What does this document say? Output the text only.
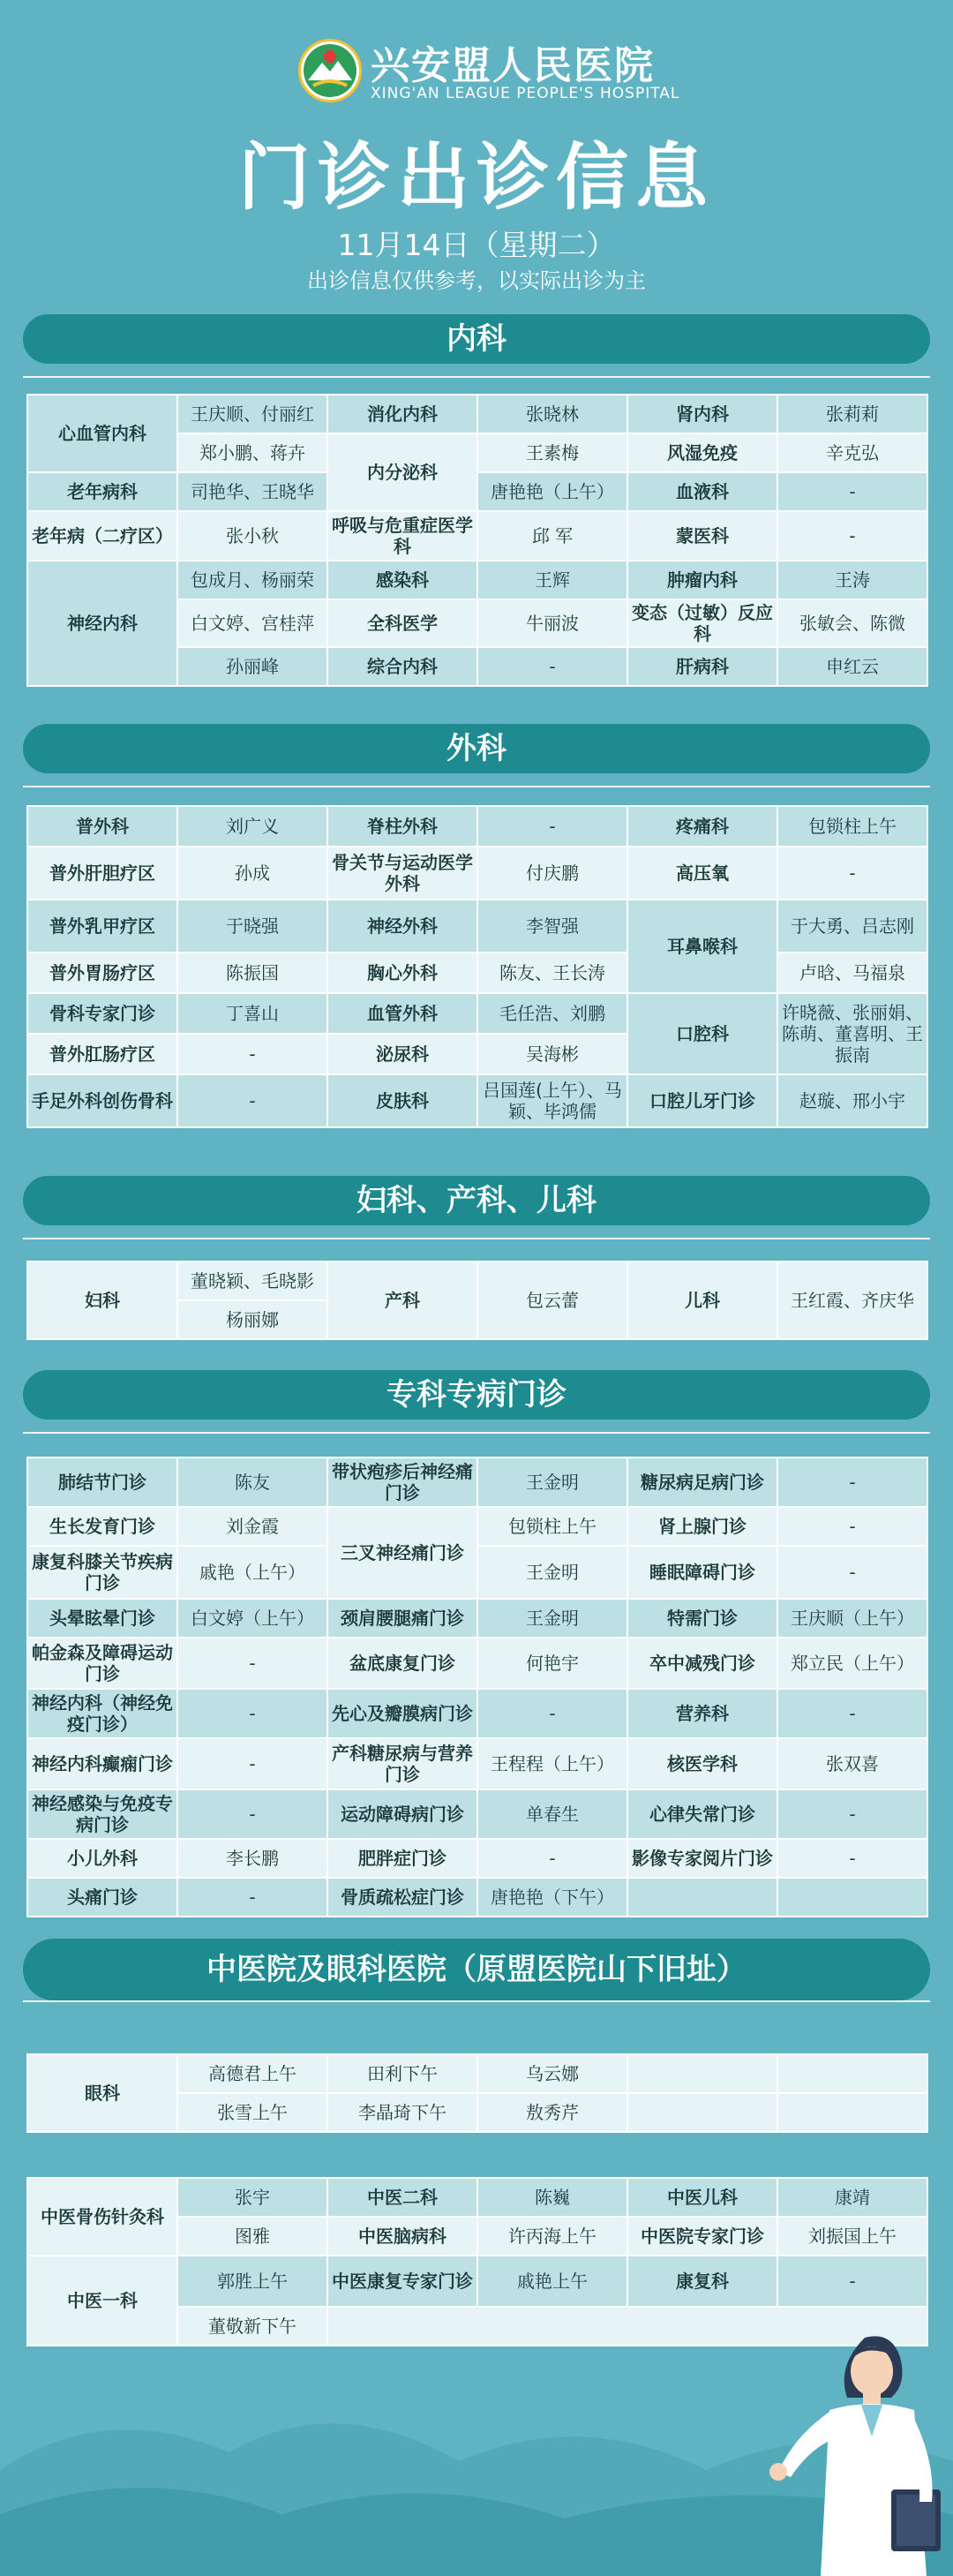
兴安盟人民医院
XING'AN LEAGUE PEOPLE'S HOSPITAL
门诊出诊信息
11月14日（星期二）
出诊信息仅供参考，以实际出诊为主
内科
心血管内科	王庆顺、付丽红	消化内科	张晓林	肾内科	张莉莉
	郑小鹏、蒋卉	内分泌科	王素梅	风湿免疫	辛克弘
老年病科	司艳华、王晓华		唐艳艳（上午）	血液科	-
老年病（二疗区）	张小秋	呼吸与危重症医学科	邱 军	蒙医科	-
神经内科	包成月、杨丽荣	感染科	王辉	肿瘤内科	王涛
	白文婷、宫桂萍	全科医学	牛丽波	变态（过敏）反应科	张敏会、陈微
	孙丽峰	综合内科	-	肝病科	申红云
外科
普外科	刘广义	脊柱外科	-	疼痛科	包锁柱上午
普外肝胆疗区	孙成	骨关节与运动医学外科	付庆鹏	高压氧	-
普外乳甲疗区	于晓强	神经外科	李智强	耳鼻喉科	于大勇、吕志刚
普外胃肠疗区	陈振国	胸心外科	陈友、王长涛		卢晗、马福泉
骨科专家门诊	丁喜山	血管外科	毛任浩、刘鹏	口腔科	许晓薇、张丽娟、陈萌、董喜明、王振南
普外肛肠疗区	-	泌尿科	吴海彬		
手足外科创伤骨科	-	皮肤科	吕国莲(上午）、马颖、毕鸿儒	口腔儿牙门诊	赵璇、邢小宇
妇科、产科、儿科
妇科	董晓颖、毛晓影	产科	包云蕾	儿科	王红霞、齐庆华
杨丽娜
专科专病门诊
肺结节门诊	陈友	带状疱疹后神经痛门诊	王金明	糖尿病足病门诊	-
生长发育门诊	刘金霞	三叉神经痛门诊	包锁柱上午	肾上腺门诊	-
康复科膝关节疾病门诊	戚艳（上午）		王金明	睡眠障碍门诊	-
头晕眩晕门诊	白文婷（上午）	颈肩腰腿痛门诊	王金明	特需门诊	王庆顺（上午）
帕金森及障碍运动门诊	-	盆底康复门诊	何艳宇	卒中减残门诊	郑立民（上午）
神经内科（神经免疫门诊）	-	先心及瓣膜病门诊	-	营养科	-
神经内科癫痫门诊	-	产科糖尿病与营养门诊	王程程（上午）	核医学科	张双喜
神经感染与免疫专病门诊	-	运动障碍病门诊	单春生	心律失常门诊	-
小儿外科	李长鹏	肥胖症门诊	-	影像专家阅片门诊	-
头痛门诊	-	骨质疏松症门诊	唐艳艳（下午）		
中医院及眼科医院（原盟医院山下旧址）
眼科	高德君上午	田利下午	乌云娜		
	张雪上午	李晶琦下午	敖秀芹		
中医骨伤针灸科	张宇	中医二科	陈巍	中医儿科	康靖
	图雅	中医脑病科	许丙海上午	中医院专家门诊	刘振国上午
中医一科	郭胜上午	中医康复专家门诊	戚艳上午	康复科	-
	董敬新下午				
